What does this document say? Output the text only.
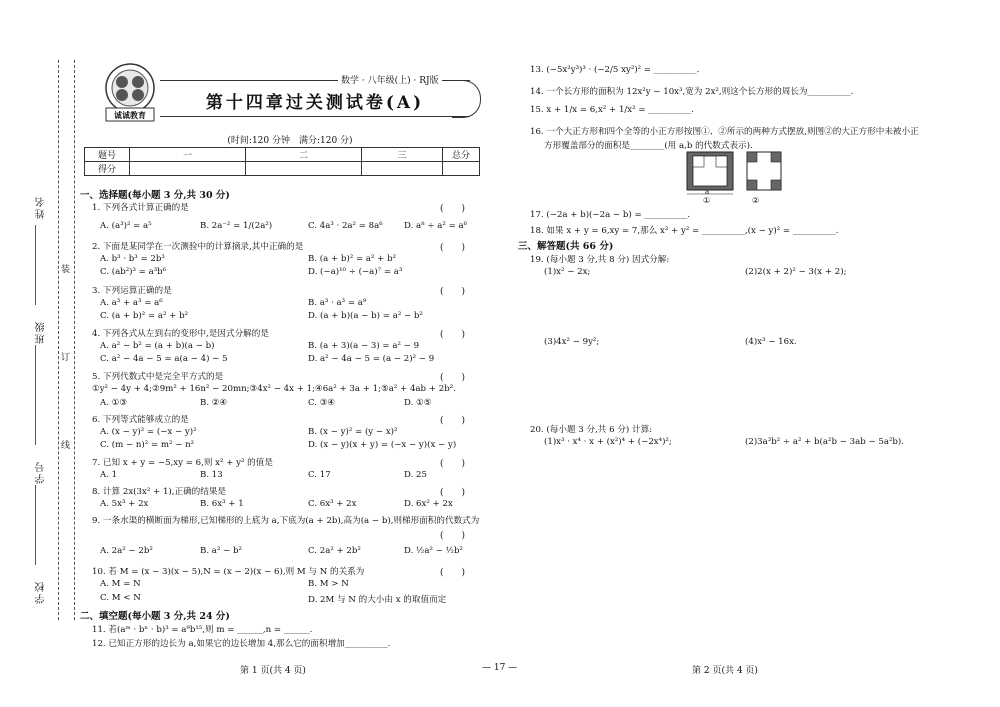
姓名
班级
学号
学校
装
订
线
诚诚教育
数学 · 八年级(上) · RJ版
第十四章过关测试卷(A)
(时间:120 分钟　满分:120 分)
题号	一	二	三	总分
得分				
一、选择题(每小题 3 分,共 30 分)
1. 下列各式计算正确的是	(　　)
A. (a³)² = a⁵	B. 2a⁻² = 1/(2a²)	C. 4a³ · 2a² = 8a⁶ D. a⁸ ÷ a² = a⁶
2. 下面是某同学在一次测验中的计算摘录,其中正确的是	(　　)
A. b³ · b³ = 2b³	B. (a + b)² = a² + b²
C. (ab²)³ = a³b⁶	D. (−a)¹⁰ ÷ (−a)⁷ = a³
3. 下列运算正确的是	(　　)
A. a³ + a³ = a⁶	B. a³ · a³ = a⁹
C. (a + b)² = a² + b²	D. (a + b)(a − b) = a² − b²
4. 下列各式从左到右的变形中,是因式分解的是	(　　)
A. a² − b² = (a + b)(a − b)	B. (a + 3)(a − 3) = a² − 9
C. a² − 4a − 5 = a(a − 4) − 5	D. a² − 4a − 5 = (a − 2)² − 9
5. 下列代数式中是完全平方式的是	(　　)
①y² − 4y + 4;②9m² + 16n² − 20mn;③4x² − 4x + 1;④6a² + 3a + 1;⑤a² + 4ab + 2b².
A. ①③	B. ②④	C. ③④	D. ①⑤
6. 下列等式能够成立的是	(　　)
A. (x − y)² = (−x − y)²	B. (x − y)² = (y − x)²
C. (m − n)² = m² − n²	D. (x − y)(x + y) = (−x − y)(x − y)
7. 已知 x + y = −5,xy = 6,则 x² + y² 的值是	(　　)
A. 1	B. 13	C. 17	D. 25
8. 计算 2x(3x² + 1),正确的结果是	(　　)
A. 5x³ + 2x	B. 6x³ + 1	C. 6x³ + 2x	D. 6x² + 2x
9. 一条水渠的横断面为梯形,已知梯形的上底为 a,下底为(a + 2b),高为(a − b),则梯形面积的代数式为
(　　)
A. 2a² − 2b²	B. a² − b²	C. 2a² + 2b²	D. ½a² − ½b²
10. 若 M = (x − 3)(x − 5),N = (x − 2)(x − 6),则 M 与 N 的关系为	(　　)
A. M = N	B. M > N
C. M < N	D. 2M 与 N 的大小由 x 的取值而定
二、填空题(每小题 3 分,共 24 分)
11. 若(aᵐ · bⁿ · b)³ = a⁹b¹⁵,则 m = ______,n = ______.
12. 已知正方形的边长为 a,如果它的边长增加 4,那么它的面积增加__________.
13. (−5x²y³)³ · (−2/5 xy²)² = __________.
14. 一个长方形的面积为 12x²y − 10x³,宽为 2x²,则这个长方形的周长为__________.
15. x + 1/x = 6,x² + 1/x² = __________.
16. 一个大正方形和四个全等的小正方形按图①、②所示的两种方式摆放,则图②的大正方形中未被小正
方形覆盖部分的面积是________(用 a,b 的代数式表示).
a
①	②
17. (−2a + b)(−2a − b) = __________.
18. 如果 x + y = 6,xy = 7,那么 x² + y² = __________,(x − y)² = __________.
三、解答题(共 66 分)
19. (每小题 3 分,共 8 分) 因式分解:
(1)x² − 2x;	(2)2(x + 2)² − 3(x + 2);
(3)4x² − 9y²;	(4)x³ − 16x.
20. (每小题 3 分,共 6 分) 计算:
(1)x³ · x⁴ · x + (x²)⁴ + (−2x⁴)²;	(2)3a³b² ÷ a² + b(a²b − 3ab − 5a²b).
第 1 页(共 4 页)	— 17 —	第 2 页(共 4 页)
